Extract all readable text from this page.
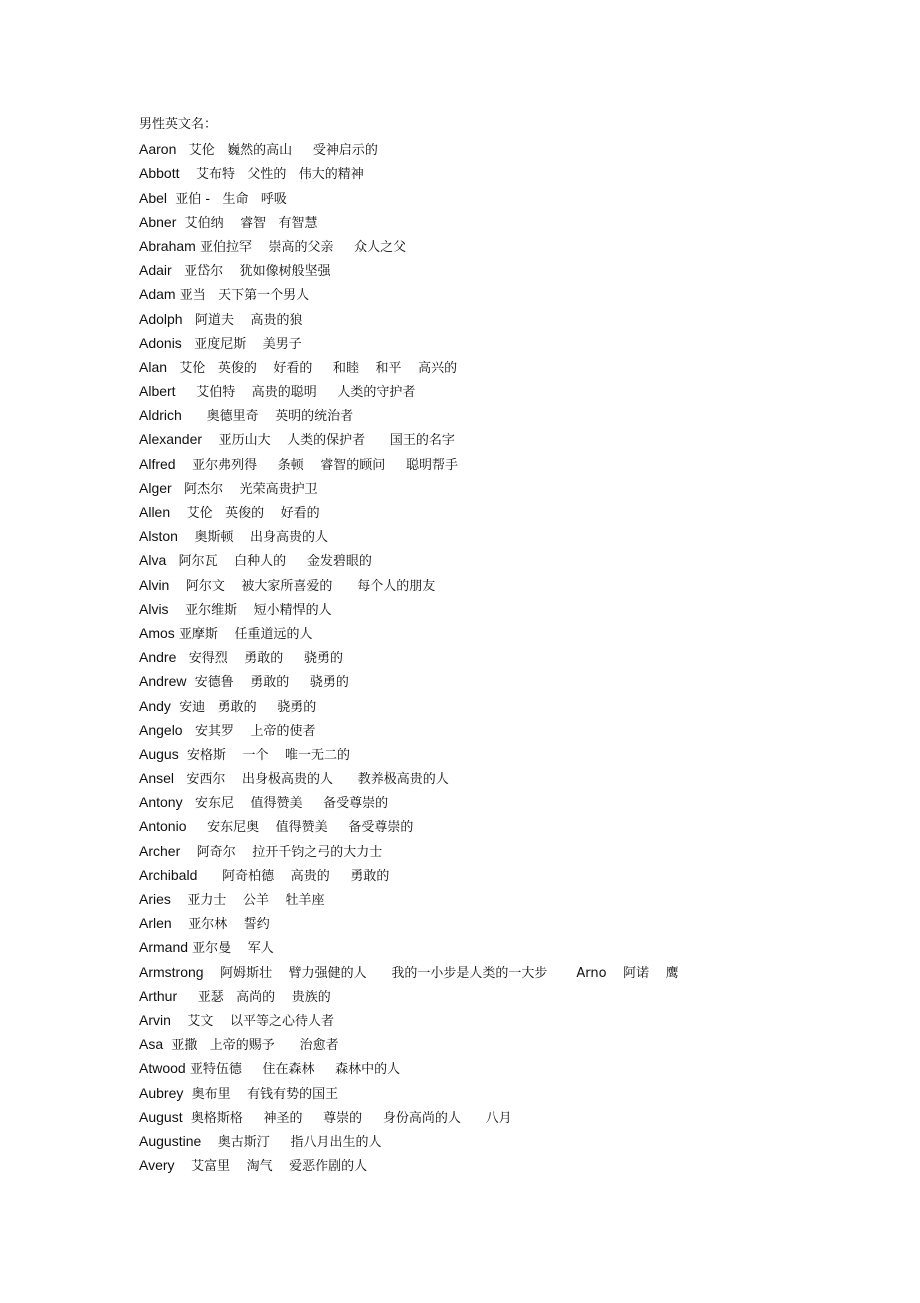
男性英文名：
Aaron   艾伦   巍然的高山     受神启示的
Abbott    艾布特   父性的   伟大的精神
Abel  亚伯 -   生命   呼吸
Abner  艾伯纳    睿智   有智慧
Abraham 亚伯拉罕    崇高的父亲     众人之父
Adair   亚岱尔    犹如像树般坚强
Adam 亚当   天下第一个男人
Adolph   阿道夫    高贵的狼
Adonis   亚度尼斯    美男子
Alan   艾伦   英俊的    好看的     和睦    和平    高兴的
Albert     艾伯特    高贵的聪明     人类的守护者
Aldrich      奥德里奇    英明的统治者
Alexander    亚历山大    人类的保护者      国王的名字
Alfred    亚尔弗列得     条顿    睿智的顾问     聪明帮手
Alger   阿杰尔    光荣高贵护卫
Allen    艾伦   英俊的    好看的
Alston    奥斯顿    出身高贵的人
Alva   阿尔瓦    白种人的     金发碧眼的
Alvin    阿尔文    被大家所喜爱的      每个人的朋友
Alvis    亚尔维斯    短小精悍的人
Amos 亚摩斯    任重道远的人
Andre   安得烈    勇敢的     骁勇的
Andrew  安德鲁    勇敢的     骁勇的
Andy  安迪   勇敢的     骁勇的
Angelo   安其罗    上帝的使者
Augus  安格斯    一个    唯一无二的
Ansel   安西尔    出身极高贵的人      教养极高贵的人
Antony   安东尼    值得赞美     备受尊崇的
Antonio     安东尼奥    值得赞美     备受尊崇的
Archer    阿奇尔    拉开千钧之弓的大力士
Archibald      阿奇柏德    高贵的     勇敢的
Aries    亚力士    公羊    牡羊座
Arlen    亚尔林    誓约
Armand 亚尔曼    军人
Armstrong    阿姆斯壮    臂力强健的人      我的一小步是人类的一大步       Arno    阿诺    鹰
Arthur     亚瑟   高尚的    贵族的
Arvin    艾文    以平等之心待人者
Asa  亚撒   上帝的赐予      治愈者
Atwood 亚特伍德     住在森林     森林中的人
Aubrey  奥布里    有钱有势的国王
August  奥格斯格     神圣的     尊崇的     身份高尚的人      八月
Augustine    奥古斯汀     指八月出生的人
Avery    艾富里    淘气    爱恶作剧的人
